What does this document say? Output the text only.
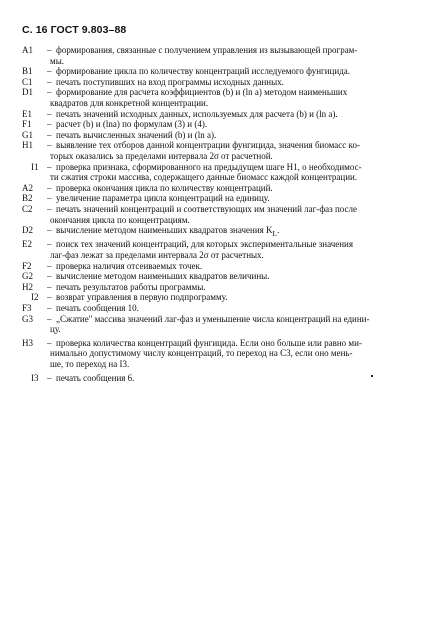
С. 16 ГОСТ 9.803–88
A1	– формирования, связанные с получением управления из вызывающей програм-
мы.
B1	– формирование цикла по количеству концентраций исследуемого фунгицида.
C1	– печать поступивших на вход программы исходных данных.
D1	– формирование для расчета коэффициентов (b) и (ln a) методом наименьших
квадратов для конкретной концентрации.
E1	– печать значений исходных данных, используемых для расчета (b) и (ln a).
F1	– расчет (b) и (lna) по формулам (3) и (4).
G1	– печать вычисленных значений (b) и (ln a).
H1	– выявление тех отборов данной концентрации фунгицида, значения биомасс ко-
торых оказались за пределами интервала 2σ от расчетной.
I1 – проверка признака, сформированного на предыдущем шаге H1, о необходимос-
ти сжатия строки массива, содержащего данные биомасс каждой концентрации.
A2	– проверка окончания цикла по количеству концентраций.
B2	– увеличение параметра цикла концентраций на единицу.
C2	– печать значений концентраций и соответствующих им значений лаг-фаз после
окончания цикла по концентрациям.
D2	– вычисление методом наименьших квадратов значения $K_L$.
E2	– поиск тех значений концентраций, для которых экспериментальные значения
лаг-фаз лежат за пределами интервала 2σ от расчетных.
F2	– проверка наличия отсеиваемых точек.
G2	– вычисление методом наименьших квадратов величины.
H2	– печать результатов работы программы.
I2 – возврат управления в первую подпрограмму.
F3	– печать сообщения 10.
G3	– „Сжатие" массива значений лаг-фаз и уменьшение числа концентраций на едини-
цу.
H3	– проверка количества концентраций фунгицида. Если оно больше или равно ми-
нимально допустимому числу концентраций, то переход на C3, если оно мень-
ше, то переход на I3.
I3 – печать сообщения 6.
